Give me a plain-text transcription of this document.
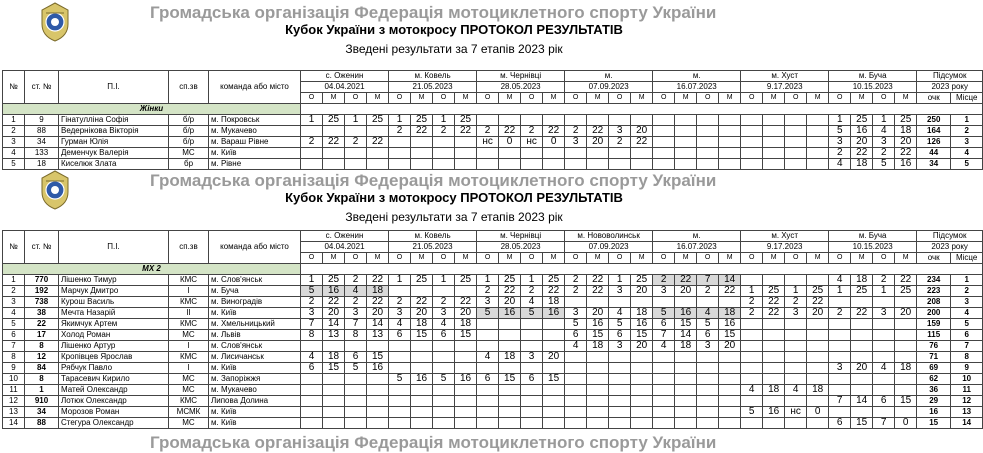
Громадська організація Федерація мотоциклетного спорту України
Кубок України з мотокросу ПРОТОКОЛ РЕЗУЛЬТАТІВ
Зведені результати за 7 етапів 2023 рік
№	ст. №	П.І.	сп.зв	команда або місто	с. Оженин				м. Ковель				м. Чернівці				м.				м.				м. Хуст				м. Буча				Підсумок	
					04.04.2021				21.05.2023				28.05.2023				07.09.2023				16.07.2023				9.17.2023				10.15.2023				2023 року	
					О	М	О	М	О	М	О	М	О	М	О	М	О	М	О	М	О	М	О	М	О	М	О	М	О	М	О	М	очк	Місце
Жінки																																		
1	9	Гінатулліна Софія	б/р	м. Покровськ	1	25	1	25	1	25	1	25																	1	25	1	25	250	1
2	88	Ведернікова Вікторія	б/р	м. Мукачево					2	22	2	22	2	22	2	22	2	22	3	20									5	16	4	18	164	2
3	34	Гурман Юлія	б/р	м. Вараш Рівне	2	22	2	22					нс	0	нс	0	3	20	2	22									3	20	3	20	126	3
4	133	Деменчук Валерія	МС	м. Київ																									2	22	2	22	44	4
5	18	Киселюк Злата	бр	м. Рівне																									4	18	5	16	34	5
Громадська організація Федерація мотоциклетного спорту України
Кубок України з мотокросу ПРОТОКОЛ РЕЗУЛЬТАТІВ
Зведені результати за 7 етапів 2023 рік
№	ст. №	П.І.	сп.зв	команда або місто	с. Оженин				м. Ковель				м. Чернівці				м. Нововолинськ				м.				м. Хуст				м. Буча				Підсумок	
					04.04.2021				21.05.2023				28.05.2023				07.09.2023				16.07.2023				9.17.2023				10.15.2023				2023 року	
					О	М	О	М	О	М	О	М	О	М	О	М	О	М	О	М	О	М	О	М	О	М	О	М	О	М	О	М	очк	Місце
МХ 2																																		
1	770	Лішенко Тимур	КМС	м. Слов'янськ	1	25	2	22	1	25	1	25	1	25	1	25	2	22	1	25	2	22	7	14					4	18	2	22	234	1
2	192	Марчук Дмитро	І	м. Буча	5	16	4	18					2	22	2	22	2	22	3	20	3	20	2	22	1	25	1	25	1	25	1	25	223	2
3	738	Курош Василь	КМС	м. Виноградів	2	22	2	22	2	22	2	22	3	20	4	18									2	22	2	22					208	3
4	38	Мечта Назарій	ІІ	м. Київ	3	20	3	20	3	20	3	20	5	16	5	16	3	20	4	18	5	16	4	18	2	22	3	20	2	22	3	20	200	4
5	22	Якимчук Артем	КМС	м. Хмельницький	7	14	7	14	4	18	4	18					5	16	5	16	6	15	5	16									159	5
6	17	Холод Роман	МС	м. Львів	8	13	8	13	6	15	6	15					6	15	6	15	7	14	6	15									115	6
7	8	Лішенко Артур	І	м. Слов'янськ													4	18	3	20	4	18	3	20									76	7
8	12	Кропівцев Ярослав	КМС	м. Лисичанськ	4	18	6	15					4	18	3	20																	71	8
9	84	Рябчук Павло	І	м. Київ	6	15	5	16																					3	20	4	18	69	9
10	8	Тарасевич Кирило	МС	м. Запоріжжя					5	16	5	16	6	15	6	15																	62	10
11	1	Матей Олександр	МС	м. Мукачево																					4	18	4	18					36	11
12	910	Лотюк Олександр	КМС	Липова Долина																									7	14	6	15	29	12
13	34	Морозов Роман	МСМК	м. Київ																					5	16	нс	0					16	13
14	88	Стегура Олександр	МС	м. Київ																									6	15	7	0	15	14
Громадська організація Федерація мотоциклетного спорту України
